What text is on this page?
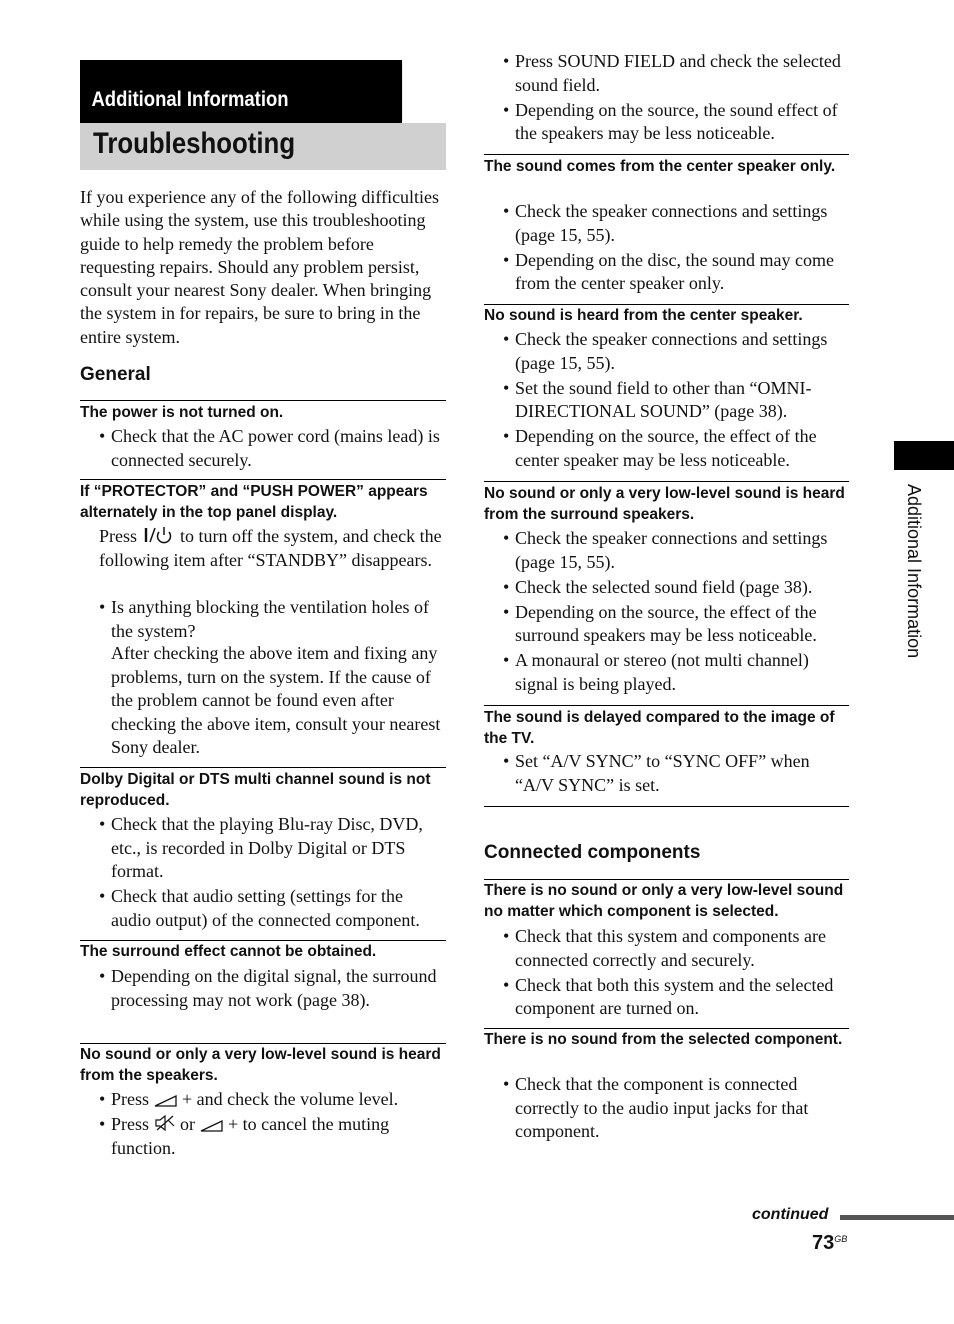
Additional Information
Troubleshooting

If you experience any of the following difficulties while using the system, use this troubleshooting guide to help remedy the problem before requesting repairs. Should any problem persist, consult your nearest Sony dealer. When bringing the system in for repairs, be sure to bring in the entire system.

General
The power is not turned on.
• Check that the AC power cord (mains lead) is connected securely.
If “PROTECTOR” and “PUSH POWER” appears alternately in the top panel display.
Press to turn off the system, and check the following item after “STANDBY” disappears.
• Is anything blocking the ventilation holes of the system?
After checking the above item and fixing any problems, turn on the system. If the cause of the problem cannot be found even after checking the above item, consult your nearest Sony dealer.
Dolby Digital or DTS multi channel sound is not reproduced.
• Check that the playing Blu-ray Disc, DVD, etc., is recorded in Dolby Digital or DTS format.
• Check that audio setting (settings for the audio output) of the connected component.
The surround effect cannot be obtained.
• Depending on the digital signal, the surround processing may not work (page 38).
No sound or only a very low-level sound is heard from the speakers.
• Press + and check the volume level.
• Press or + to cancel the muting function.
• Press SOUND FIELD and check the selected sound field.
• Depending on the source, the sound effect of the speakers may be less noticeable.
The sound comes from the center speaker only.
• Check the speaker connections and settings (page 15, 55).
• Depending on the disc, the sound may come from the center speaker only.
No sound is heard from the center speaker.
• Check the speaker connections and settings (page 15, 55).
• Set the sound field to other than “OMNI-DIRECTIONAL SOUND” (page 38).
• Depending on the source, the effect of the center speaker may be less noticeable.
No sound or only a very low-level sound is heard from the surround speakers.
• Check the speaker connections and settings (page 15, 55).
• Check the selected sound field (page 38).
• Depending on the source, the effect of the surround speakers may be less noticeable.
• A monaural or stereo (not multi channel) signal is being played.
The sound is delayed compared to the image of the TV.
• Set “A/V SYNC” to “SYNC OFF” when “A/V SYNC” is set.
Connected components
There is no sound or only a very low-level sound no matter which component is selected.
• Check that this system and components are connected correctly and securely.
• Check that both this system and the selected component are turned on.
There is no sound from the selected component.
• Check that the component is connected correctly to the audio input jacks for that component.
Additional Information
continued
$73^{GB}$
